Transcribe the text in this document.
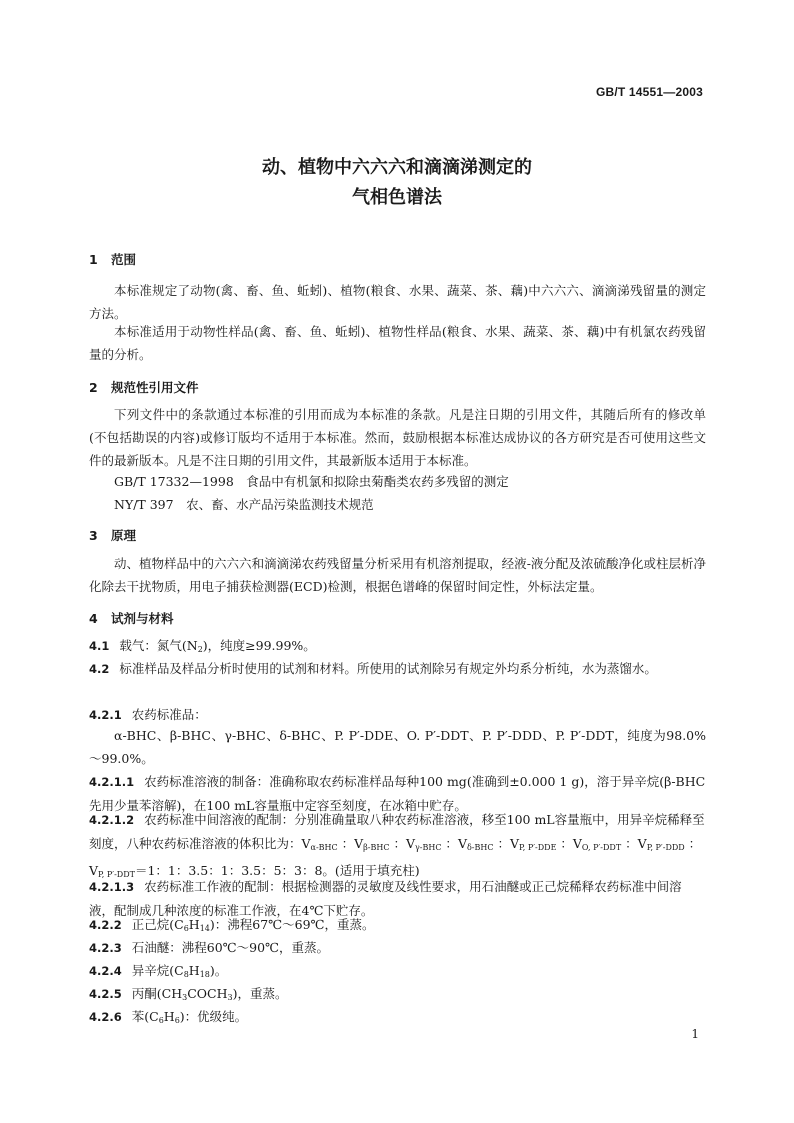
GB/T 14551—2003
动、植物中六六六和滴滴涕测定的
气相色谱法
1 范围
本标准规定了动物(禽、畜、鱼、蚯蚓)、植物(粮食、水果、蔬菜、茶、藕)中六六六、滴滴涕残留量的测定方法。
本标准适用于动物性样品(禽、畜、鱼、蚯蚓)、植物性样品(粮食、水果、蔬菜、茶、藕)中有机氯农药残留量的分析。
2 规范性引用文件
下列文件中的条款通过本标准的引用而成为本标准的条款。凡是注日期的引用文件，其随后所有的修改单(不包括勘误的内容)或修订版均不适用于本标准。然而，鼓励根据本标准达成协议的各方研究是否可使用这些文件的最新版本。凡是不注日期的引用文件，其最新版本适用于本标准。
GB/T 17332—1998　食品中有机氯和拟除虫菊酯类农药多残留的测定
NY/T 397　农、畜、水产品污染监测技术规范
3 原理
动、植物样品中的六六六和滴滴涕农药残留量分析采用有机溶剂提取，经液-液分配及浓硫酸净化或柱层析净化除去干扰物质，用电子捕获检测器(ECD)检测，根据色谱峰的保留时间定性，外标法定量。
4 试剂与材料
4.1 载气：氮气$(N_2)$，纯度≥99.99%。
4.2 标准样品及样品分析时使用的试剂和材料。所使用的试剂除另有规定外均系分析纯，水为蒸馏水。
4.2.1 农药标准品：
α-BHC、β-BHC、γ-BHC、δ-BHC、P. P′-DDE、O. P′-DDT、P. P′-DDD、P. P′-DDT，纯度为98.0%～99.0%。
4.2.1.1 农药标准溶液的制备：准确称取农药标准样品每种100 mg(准确到±0.000 1 g)，溶于异辛烷(β-BHC先用少量苯溶解)，在100 mL容量瓶中定容至刻度，在冰箱中贮存。
4.2.1.2 农药标准中间溶液的配制：分别准确量取八种农药标准溶液，移至100 mL容量瓶中，用异辛烷稀释至刻度，八种农药标准溶液的体积比为：$V_{\alpha-BHC}$ ：$V_{\beta-BHC}$ ：$V_{\gamma-BHC}$ ：$V_{\delta-BHC}$ ：$V_{P, P'-DDE}$ ：$V_{O, P'-DDT}$ ：$V_{P, P'-DDD}$ ：$V_{P, P'-DDT}=1$：1：3.5：1：3.5：5：3：8。(适用于填充柱)
4.2.1.3 农药标准工作液的配制：根据检测器的灵敏度及线性要求，用石油醚或正己烷稀释农药标准中间溶液，配制成几种浓度的标准工作液，在4℃下贮存。
4.2.2 正己烷$(C_6H_{14})$：沸程67℃～69℃，重蒸。
4.2.3 石油醚：沸程60℃～90℃，重蒸。
4.2.4 异辛烷$(C_8H_{18})$。
4.2.5 丙酮$(CH_3COCH_3)$，重蒸。
4.2.6 苯$(C_6H_6)$：优级纯。
1
